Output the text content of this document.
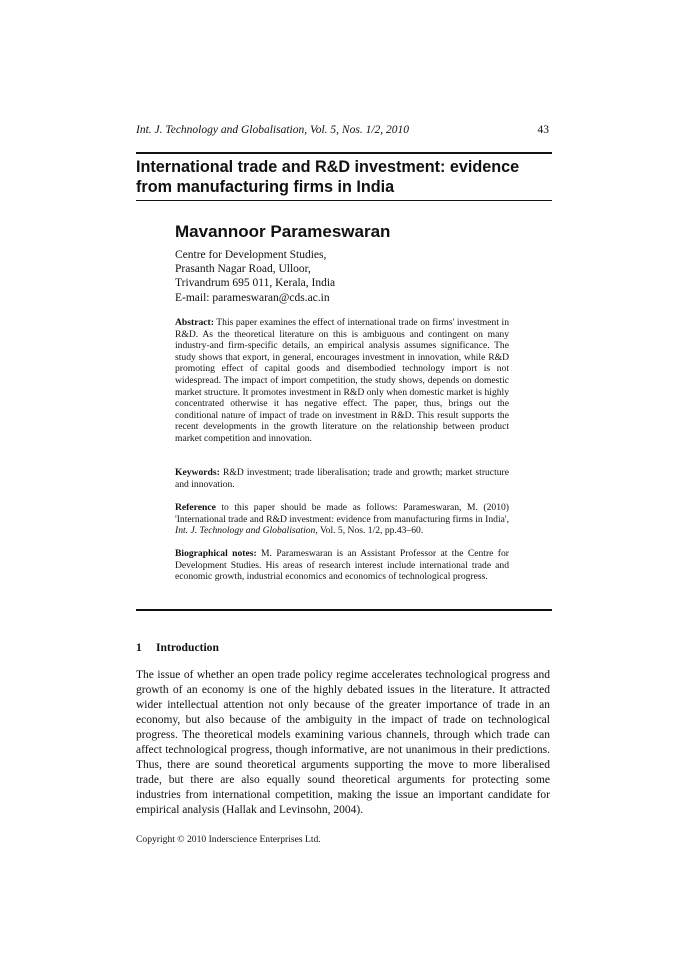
Int. J. Technology and Globalisation, Vol. 5, Nos. 1/2, 2010	43
International trade and R&D investment: evidence from manufacturing firms in India
Mavannoor Parameswaran
Centre for Development Studies,
Prasanth Nagar Road, Ulloor,
Trivandrum 695 011, Kerala, India
E-mail: parameswaran@cds.ac.in

Abstract: This paper examines the effect of international trade on firms' investment in R&D. As the theoretical literature on this is ambiguous and contingent on many industry-and firm-specific details, an empirical analysis assumes significance. The study shows that export, in general, encourages investment in innovation, while R&D promoting effect of capital goods and disembodied technology import is not widespread. The impact of import competition, the study shows, depends on domestic market structure. It promotes investment in R&D only when domestic market is highly concentrated otherwise it has negative effect. The paper, thus, brings out the conditional nature of impact of trade on investment in R&D. This result supports the recent developments in the growth literature on the relationship between product market competition and innovation.

Keywords: R&D investment; trade liberalisation; trade and growth; market structure and innovation.

Reference to this paper should be made as follows: Parameswaran, M. (2010) 'International trade and R&D investment: evidence from manufacturing firms in India', Int. J. Technology and Globalisation, Vol. 5, Nos. 1/2, pp.43–60.

Biographical notes: M. Parameswaran is an Assistant Professor at the Centre for Development Studies. His areas of research interest include international trade and economic growth, industrial economics and economics of technological progress.

1 Introduction

The issue of whether an open trade policy regime accelerates technological progress and growth of an economy is one of the highly debated issues in the literature. It attracted wider intellectual attention not only because of the greater importance of trade in an economy, but also because of the ambiguity in the impact of trade on technological progress. The theoretical models examining various channels, through which trade can affect technological progress, though informative, are not unanimous in their predictions. Thus, there are sound theoretical arguments supporting the move to more liberalised trade, but there are also equally sound theoretical arguments for protecting some industries from international competition, making the issue an important candidate for empirical analysis (Hallak and Levinsohn, 2004).

Copyright © 2010 Inderscience Enterprises Ltd.
